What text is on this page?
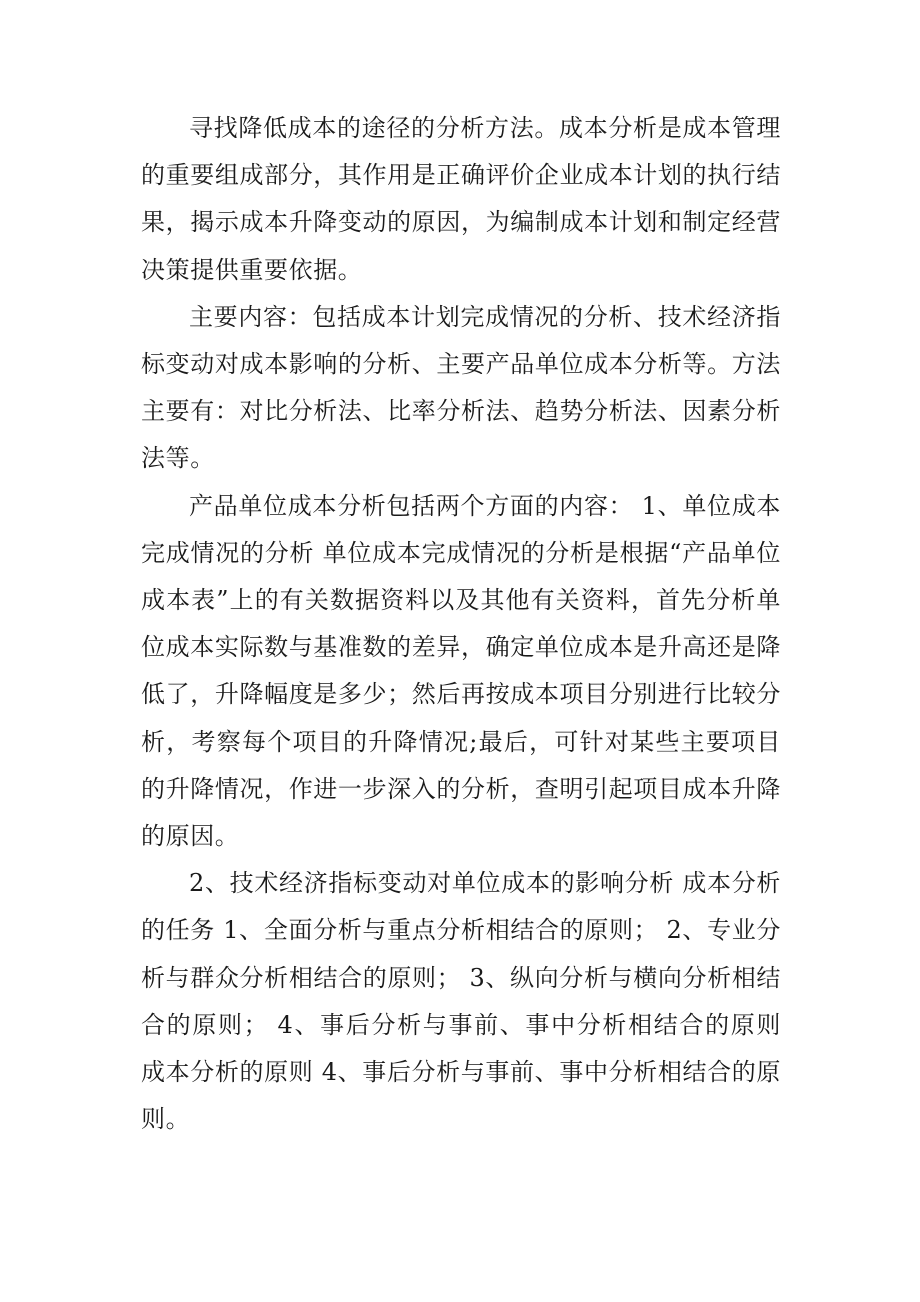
寻找降低成本的途径的分析方法。成本分析是成本管理的重要组成部分，其作用是正确评价企业成本计划的执行结果，揭示成本升降变动的原因，为编制成本计划和制定经营决策提供重要依据。

主要内容：包括成本计划完成情况的分析、技术经济指标变动对成本影响的分析、主要产品单位成本分析等。方法主要有：对比分析法、比率分析法、趋势分析法、因素分析法等。

产品单位成本分析包括两个方面的内容： 1、单位成本完成情况的分析 单位成本完成情况的分析是根据“产品单位成本表”上的有关数据资料以及其他有关资料，首先分析单位成本实际数与基准数的差异，确定单位成本是升高还是降低了，升降幅度是多少；然后再按成本项目分别进行比较分析，考察每个项目的升降情况;最后，可针对某些主要项目的升降情况，作进一步深入的分析，查明引起项目成本升降的原因。

2、技术经济指标变动对单位成本的影响分析 成本分析的任务 1、全面分析与重点分析相结合的原则； 2、专业分析与群众分析相结合的原则； 3、纵向分析与横向分析相结合的原则； 4、事后分析与事前、事中分析相结合的原则 成本分析的原则 4、事后分析与事前、事中分析相结合的原则。
